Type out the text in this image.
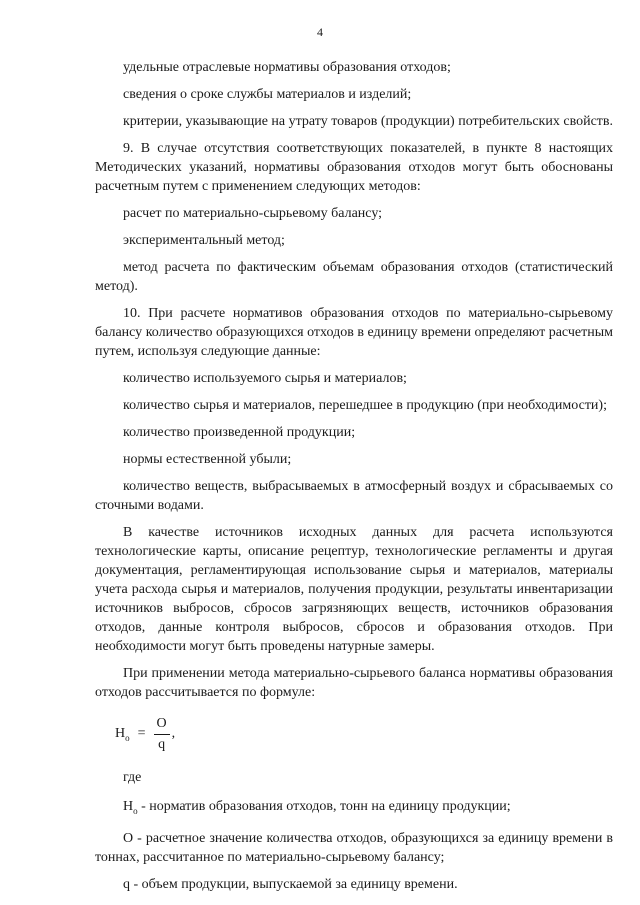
4

удельные отраслевые нормативы образования отходов;

сведения о сроке службы материалов и изделий;

критерии, указывающие на утрату товаров (продукции) потребительских свойств.

9. В случае отсутствия соответствующих показателей, в пункте 8 настоящих Методических указаний, нормативы образования отходов могут быть обоснованы расчетным путем с применением следующих методов:

расчет по материально-сырьевому балансу;

экспериментальный метод;

метод расчета по фактическим объемам образования отходов (статистический метод).

10. При расчете нормативов образования отходов по материально-сырьевому балансу количество образующихся отходов в единицу времени определяют расчетным путем, используя следующие данные:

количество используемого сырья и материалов;

количество сырья и материалов, перешедшее в продукцию (при необходимости);

количество произведенной продукции;

нормы естественной убыли;

количество веществ, выбрасываемых в атмосферный воздух и сбрасываемых со сточными водами.

В качестве источников исходных данных для расчета используются технологические карты, описание рецептур, технологические регламенты и другая документация, регламентирующая использование сырья и материалов, материалы учета расхода сырья и материалов, получения продукции, результаты инвентаризации источников выбросов, сбросов загрязняющих веществ, источников образования отходов, данные контроля выбросов, сбросов и образования отходов. При необходимости могут быть проведены натурные замеры.

При применении метода материально-сырьевого баланса нормативы образования отходов рассчитывается по формуле:

$Н_о = \frac{О}{q}$ ,

где

$Н_о$ - норматив образования отходов, тонн на единицу продукции;

О - расчетное значение количества отходов, образующихся за единицу времени в тоннах, рассчитанное по материально-сырьевому балансу;

q - объем продукции, выпускаемой за единицу времени.
